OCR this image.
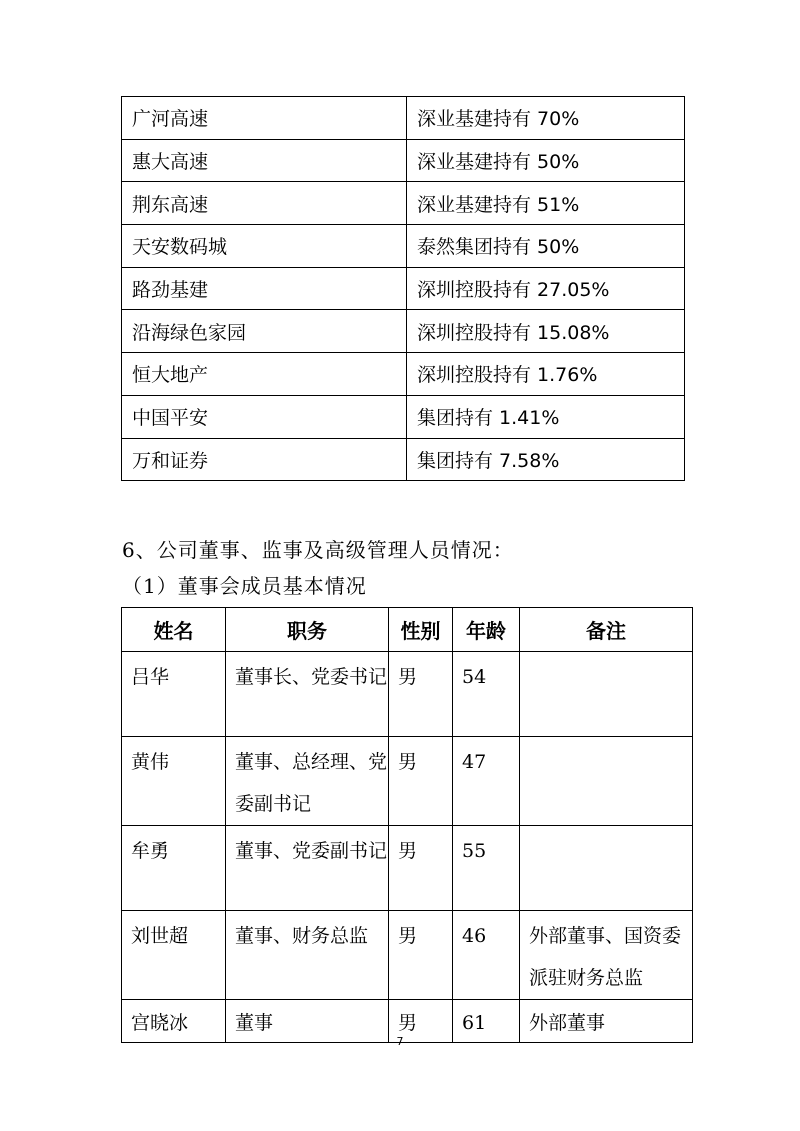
广河高速	深业基建持有 70%
惠大高速	深业基建持有 50%
荆东高速	深业基建持有 51%
天安数码城	泰然集团持有 50%
路劲基建	深圳控股持有 27.05%
沿海绿色家园	深圳控股持有 15.08%
恒大地产	深圳控股持有 1.76%
中国平安	集团持有 1.41%
万和证券	集团持有 7.58%
6、公司董事、监事及高级管理人员情况：
（1）董事会成员基本情况
姓名	职务	性别	年龄	备注
吕华	董事长、党委书记	男	54	
黄伟	董事、总经理、党委副书记	男	47	
牟勇	董事、党委副书记	男	55	
刘世超	董事、财务总监	男	46	外部董事、国资委派驻财务总监
宫晓冰	董事	男	61	外部董事
7
